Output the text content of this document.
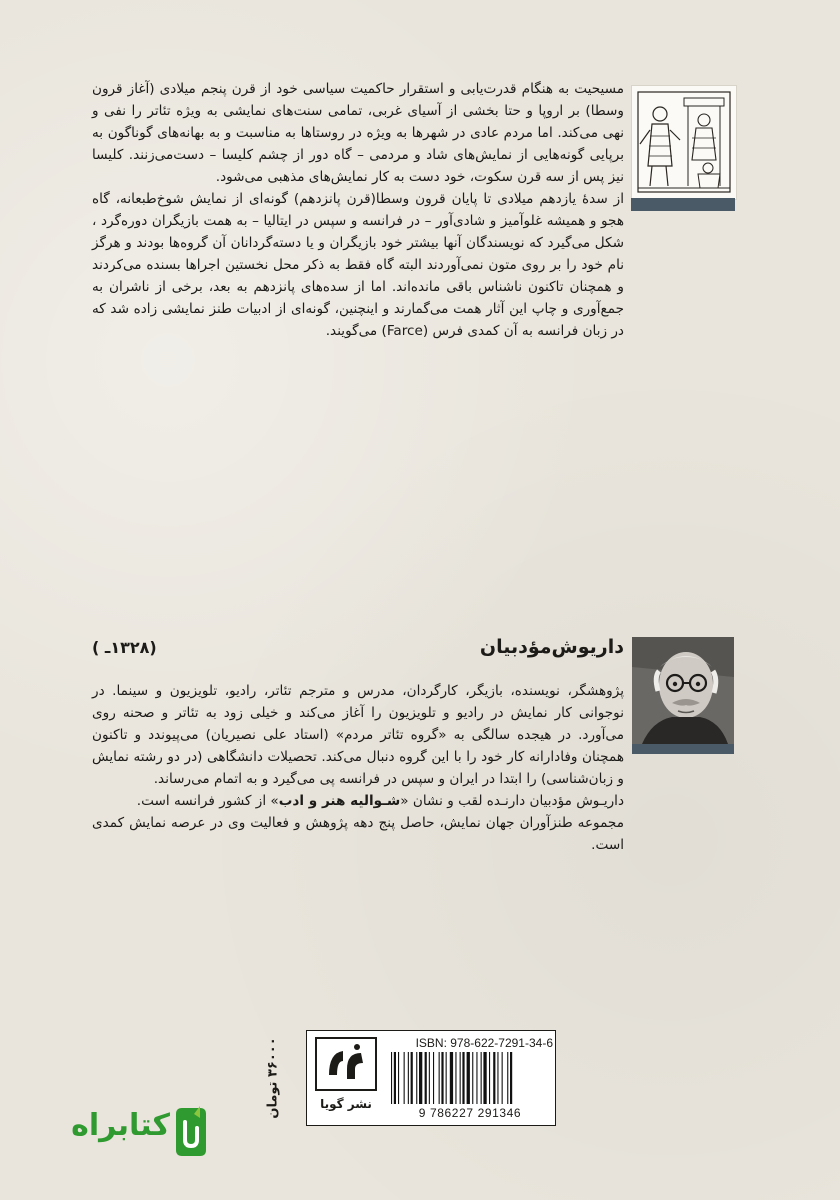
مسیحیت به هنگام قدرت‌یابی و استقرار حاکمیت سیاسی خود از قرن پنجم میلادی (آغاز قرون وسطا) بر اروپا و حتا بخشی از آسیای غربی، تمامی سنت‌های نمایشی به ویژه تئاتر را نفی و نهی می‌کند. اما مردم عادی در شهرها به ویژه در روستاها به مناسبت و به بهانه‌های گوناگون به برپایی گونه‌هایی از نمایش‌های شاد و مردمی – گاه دور از چشم کلیسا – دست‌می‌زنند. کلیسا نیز پس از سه قرن سکوت، خود دست به کار نمایش‌های مذهبی می‌شود.

از سدهٔ یازدهم میلادی تا پایان قرون وسطا(قرن پانزدهم) گونه‌ای از نمایش شوخ‌طبعانه، گاه هجو و همیشه غلوآمیز و شادی‌آور – در فرانسه و سپس در ایتالیا – به همت بازیگران دوره‌گرد ، شکل می‌گیرد که نویسندگان آنها بیشتر خود بازیگران و یا دسته‌گردانان آن گروه‌ها بودند و هرگز نام خود را بر روی متون نمی‌آوردند البته گاه فقط به ذکر محل نخستین اجراها بسنده می‌کردند و همچنان تاکنون ناشناس باقی مانده‌اند. اما از سده‌های پانزدهم به بعد، برخی از ناشران به جمع‌آوری و چاپ این آثار همت می‌گمارند و اینچنین، گونه‌ای از ادبیات طنز نمایشی زاده شد که در زبان فرانسه به آن کمدی فرس (Farce) می‌گویند.

داریوش‌مؤدبیان
(۱۳۲۸ـ )

پژوهشگر، نویسنده، بازیگر، کارگردان، مدرس و مترجم تئاتر، رادیو، تلویزیون و سینما. در نوجوانی کار نمایش در رادیو و تلویزیون را آغاز می‌کند و خیلی زود به تئاتر و صحنه روی می‌آورد. در هیجده سالگی به «گروه تئاتر مردم» (استاد علی نصیریان) می‌پیوندد و تاکنون همچنان وفادارانه کار خود را با این گروه دنبال می‌کند. تحصیلات دانشگاهی (در دو رشته نمایش و زبان‌شناسی) را ابتدا در ایران و سپس در فرانسه پی می‌گیرد و به اتمام می‌رساند.

داریـوش مؤدبیان دارنـده لقب و نشان «شـوالیه هنر و ادب» از کشور فرانسه است.

مجموعه طنزآوران جهان نمایش، حاصل پنج دهه پژوهش و فعالیت وی در عرصه نمایش کمدی است.

۳۶۰۰۰ تومان
نشر گویا
ISBN: 978-622-7291-34-6
9 786227 291346
کتابراه
